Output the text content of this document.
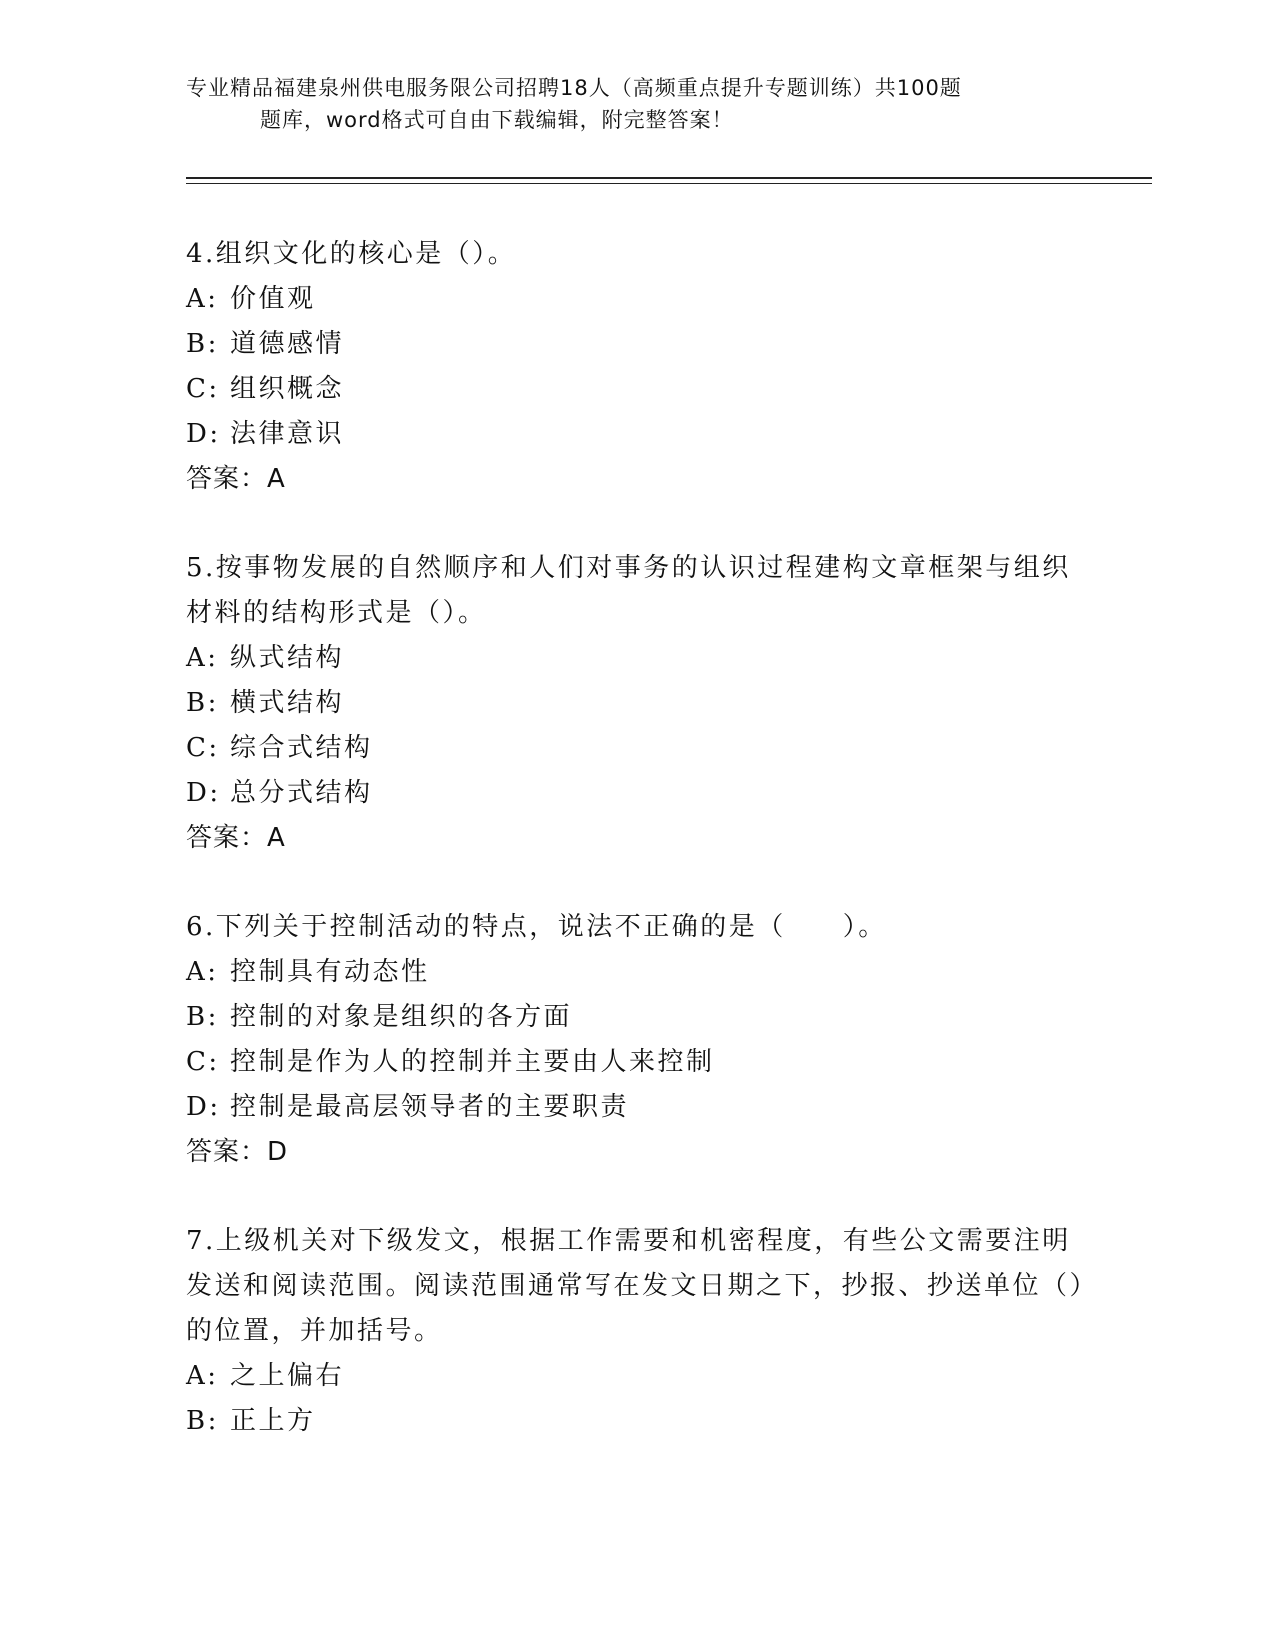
专业精品福建泉州供电服务限公司招聘18人（高频重点提升专题训练）共100题
题库，word格式可自由下载编辑，附完整答案！
4.组织文化的核心是（）。
A: 价值观
B: 道德感情
C: 组织概念
D: 法律意识
答案：A
5.按事物发展的自然顺序和人们对事务的认识过程建构文章框架与组织材料的结构形式是（）。
A: 纵式结构
B: 横式结构
C: 综合式结构
D: 总分式结构
答案：A
6.下列关于控制活动的特点，说法不正确的是（　　）。
A: 控制具有动态性
B: 控制的对象是组织的各方面
C: 控制是作为人的控制并主要由人来控制
D: 控制是最高层领导者的主要职责
答案：D
7.上级机关对下级发文，根据工作需要和机密程度，有些公文需要注明发送和阅读范围。阅读范围通常写在发文日期之下，抄报、抄送单位（）的位置，并加括号。
A: 之上偏右
B: 正上方
